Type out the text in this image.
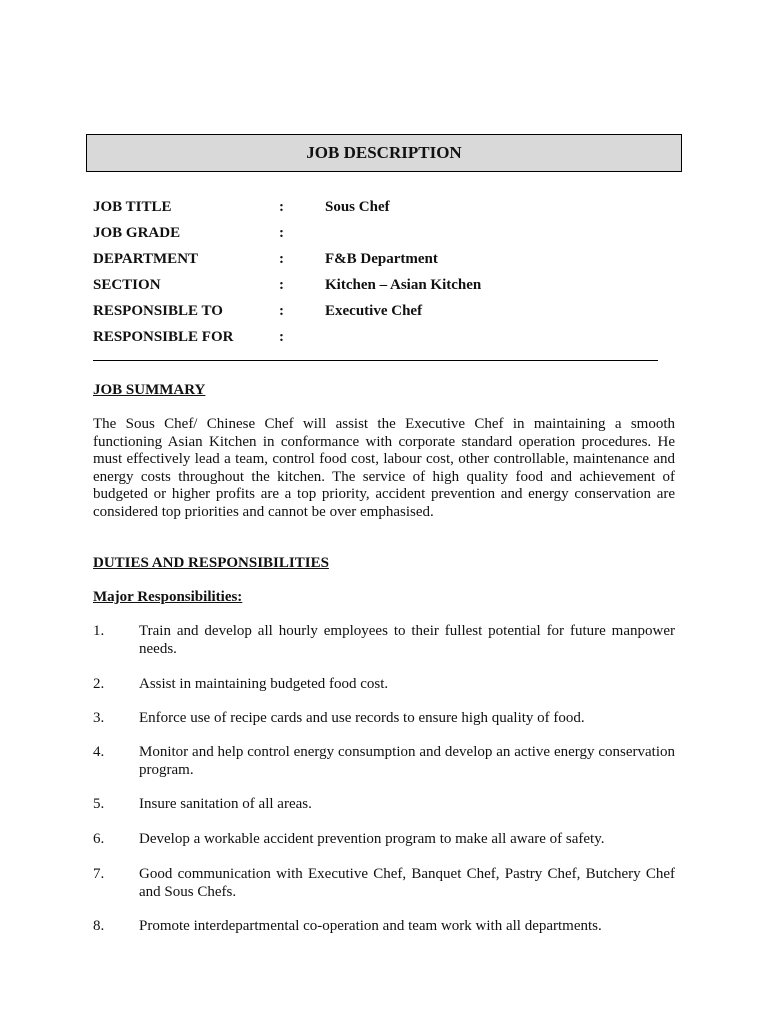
JOB DESCRIPTION
JOB TITLE	:	Sous Chef
JOB GRADE	:
DEPARTMENT	:	F&B Department
SECTION	:	Kitchen – Asian Kitchen
RESPONSIBLE TO	:	Executive Chef
RESPONSIBLE FOR	:
JOB SUMMARY
The Sous Chef/ Chinese Chef will assist the Executive Chef in maintaining a smooth functioning Asian Kitchen in conformance with corporate standard operation procedures. He must effectively lead a team, control food cost, labour cost, other controllable, maintenance and energy costs throughout the kitchen. The service of high quality food and achievement of budgeted or higher profits are a top priority, accident prevention and energy conservation are considered top priorities and cannot be over emphasised.
DUTIES AND RESPONSIBILITIES
Major Responsibilities:
1. Train and develop all hourly employees to their fullest potential for future manpower needs.
2. Assist in maintaining budgeted food cost.
3. Enforce use of recipe cards and use records to ensure high quality of food.
4. Monitor and help control energy consumption and develop an active energy conservation program.
5. Insure sanitation of all areas.
6. Develop a workable accident prevention program to make all aware of safety.
7. Good communication with Executive Chef, Banquet Chef, Pastry Chef, Butchery Chef and Sous Chefs.
8. Promote interdepartmental co-operation and team work with all departments.
